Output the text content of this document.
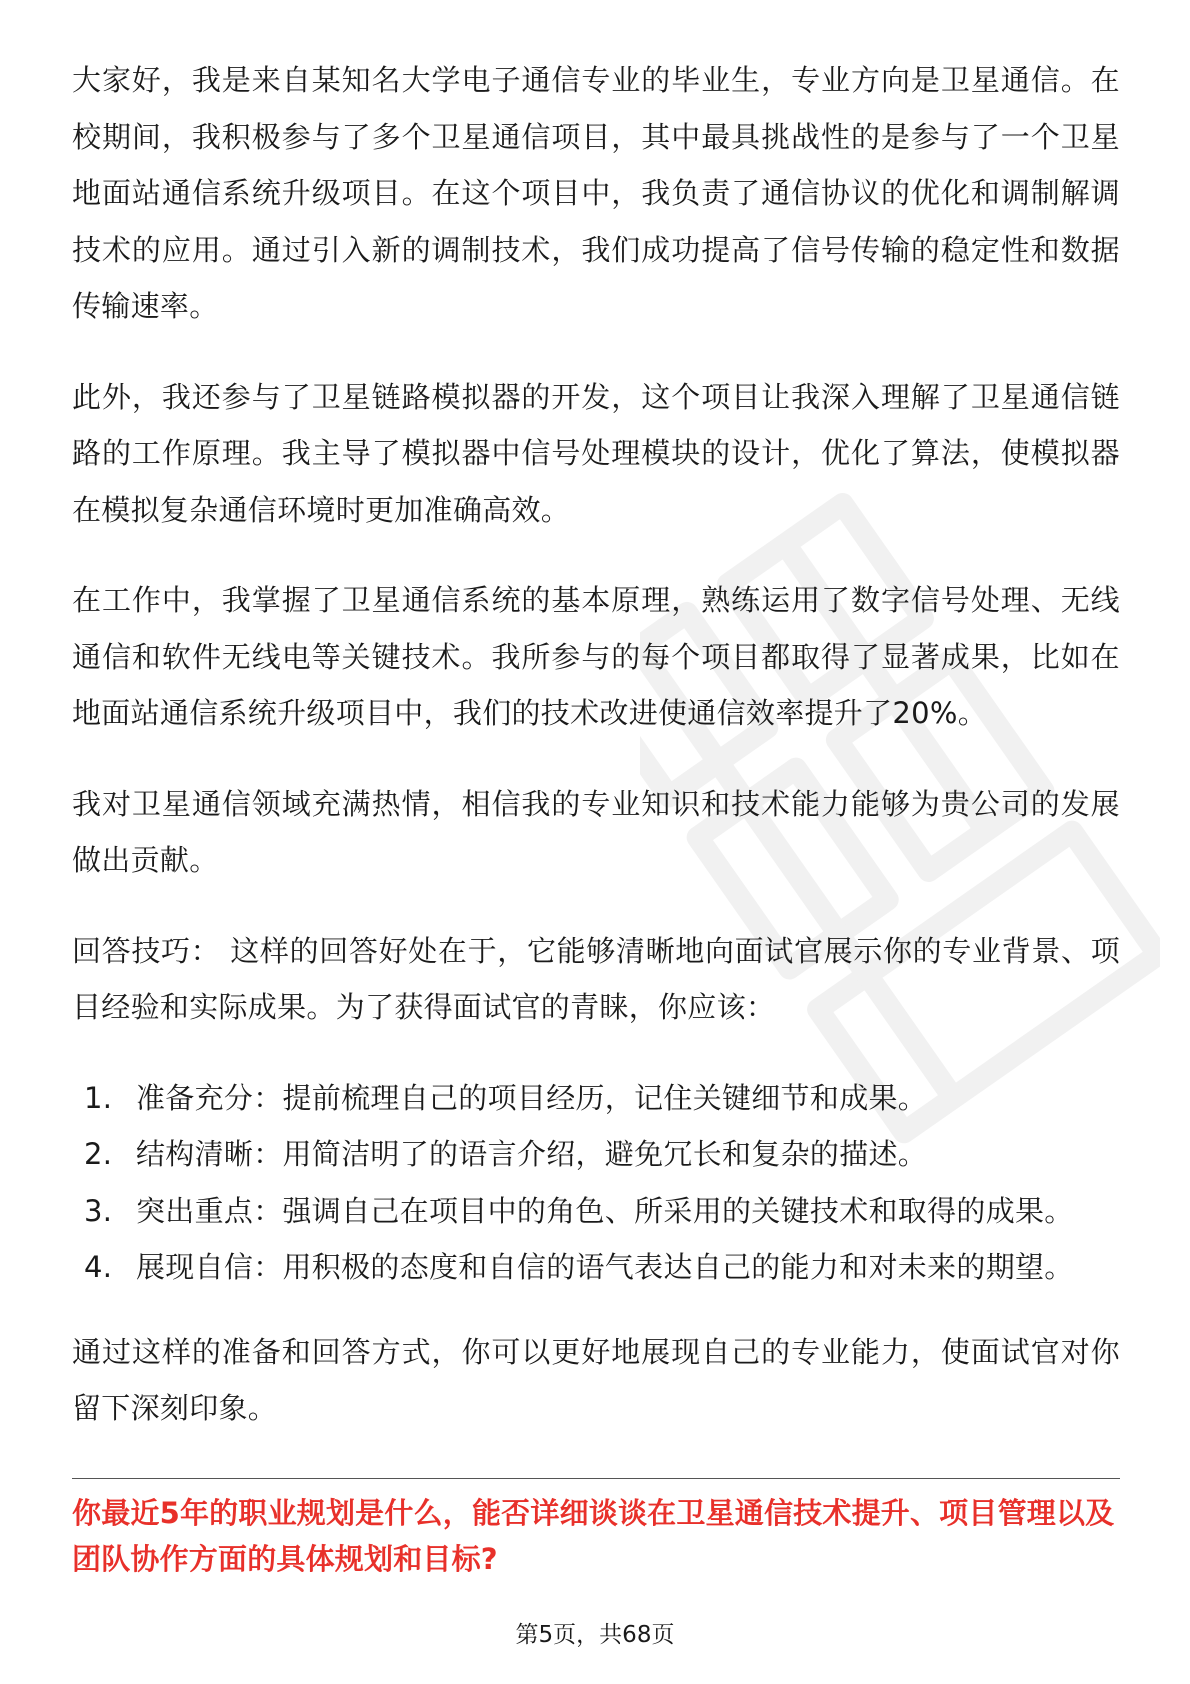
大家好，我是来自某知名大学电子通信专业的毕业生，专业方向是卫星通信。在校期间，我积极参与了多个卫星通信项目，其中最具挑战性的是参与了一个卫星地面站通信系统升级项目。在这个项目中，我负责了通信协议的优化和调制解调技术的应用。通过引入新的调制技术，我们成功提高了信号传输的稳定性和数据传输速率。

此外，我还参与了卫星链路模拟器的开发，这个项目让我深入理解了卫星通信链路的工作原理。我主导了模拟器中信号处理模块的设计，优化了算法，使模拟器在模拟复杂通信环境时更加准确高效。

在工作中，我掌握了卫星通信系统的基本原理，熟练运用了数字信号处理、无线通信和软件无线电等关键技术。我所参与的每个项目都取得了显著成果，比如在地面站通信系统升级项目中，我们的技术改进使通信效率提升了20%。

我对卫星通信领域充满热情，相信我的专业知识和技术能力能够为贵公司的发展做出贡献。

回答技巧： 这样的回答好处在于，它能够清晰地向面试官展示你的专业背景、项目经验和实际成果。为了获得面试官的青睐，你应该：

1. 准备充分：提前梳理自己的项目经历，记住关键细节和成果。
2. 结构清晰：用简洁明了的语言介绍，避免冗长和复杂的描述。
3. 突出重点：强调自己在项目中的角色、所采用的关键技术和取得的成果。
4. 展现自信：用积极的态度和自信的语气表达自己的能力和对未来的期望。

通过这样的准备和回答方式，你可以更好地展现自己的专业能力，使面试官对你留下深刻印象。

你最近5年的职业规划是什么，能否详细谈谈在卫星通信技术提升、项目管理以及团队协作方面的具体规划和目标?
第5页，共68页
